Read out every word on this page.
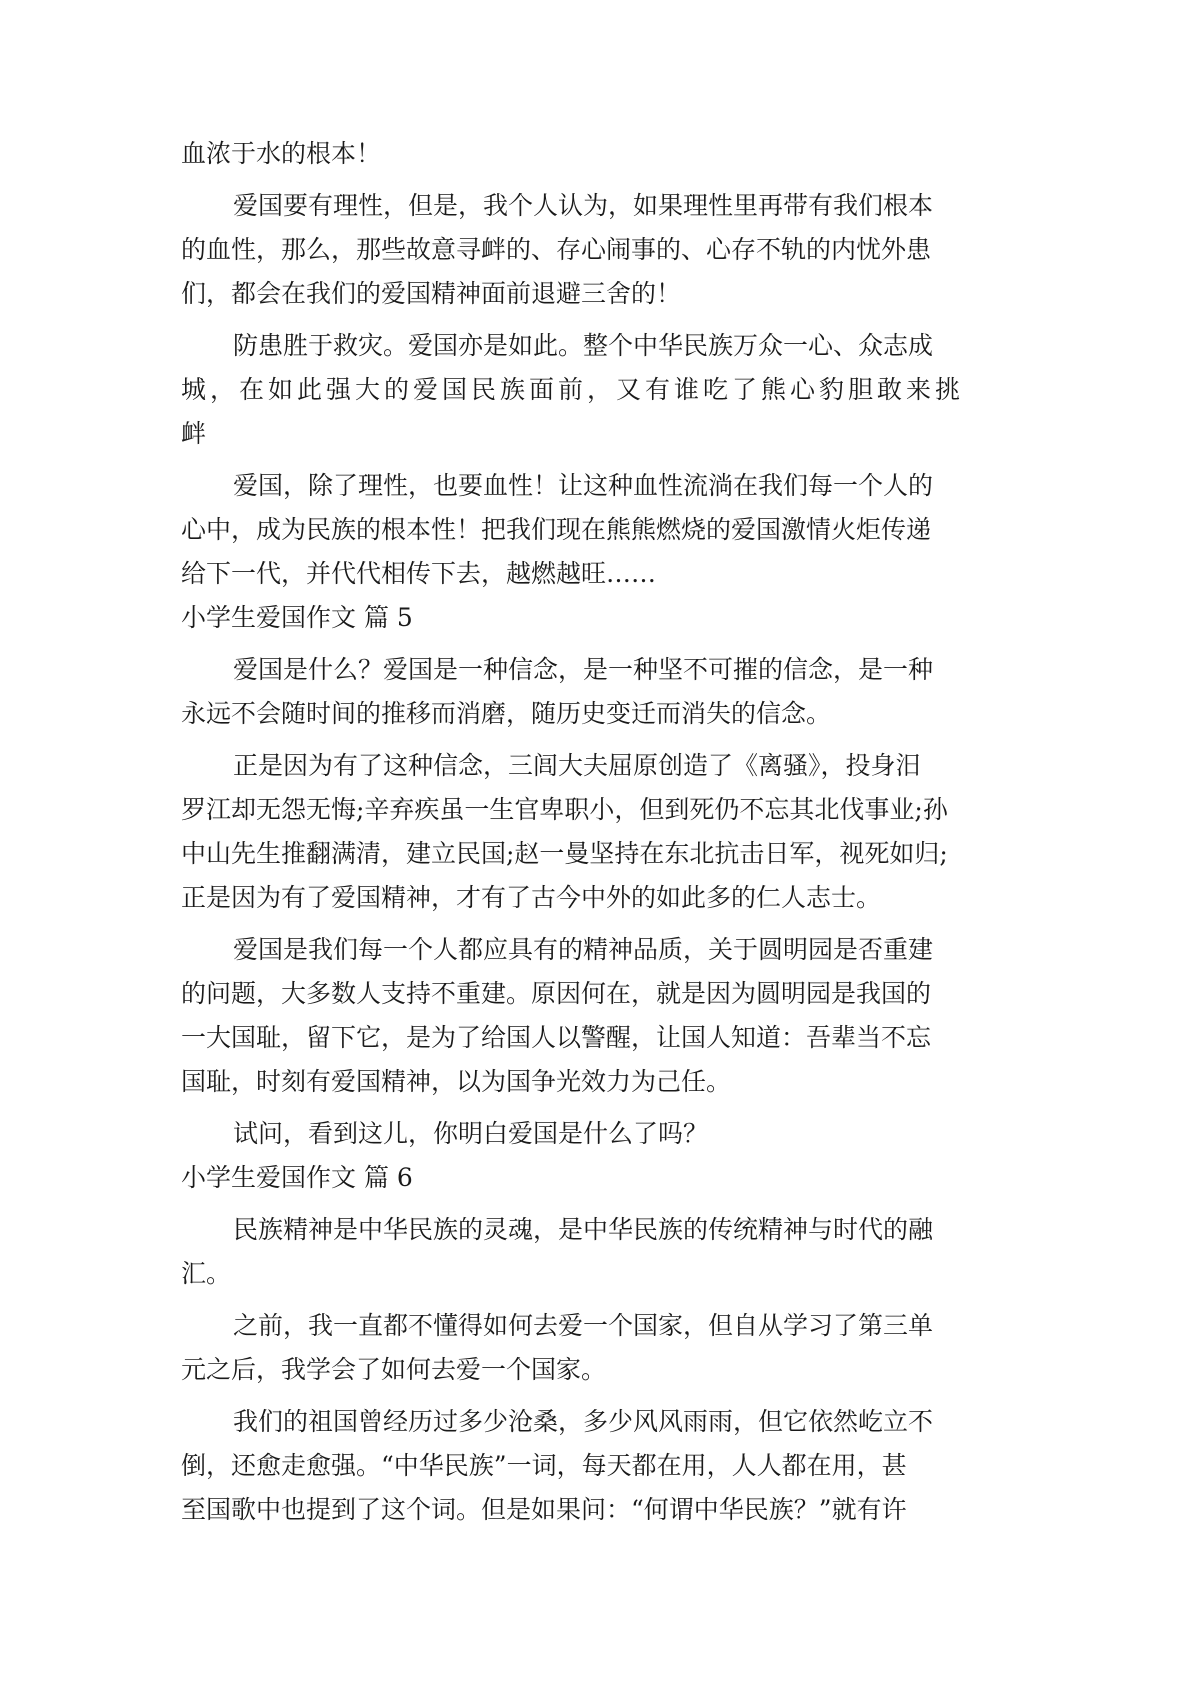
血浓于水的根本！
爱国要有理性，但是，我个人认为，如果理性里再带有我们根本
的血性，那么，那些故意寻衅的、存心闹事的、心存不轨的内忧外患
们，都会在我们的爱国精神面前退避三舍的！
防患胜于救灾。爱国亦是如此。整个中华民族万众一心、众志成
城，在如此强大的爱国民族面前，又有谁吃了熊心豹胆敢来挑
衅
爱国，除了理性，也要血性！让这种血性流淌在我们每一个人的
心中，成为民族的根本性！把我们现在熊熊燃烧的爱国激情火炬传递
给下一代，并代代相传下去，越燃越旺……
小学生爱国作文 篇 5
爱国是什么？爱国是一种信念，是一种坚不可摧的信念，是一种
永远不会随时间的推移而消磨，随历史变迁而消失的信念。
正是因为有了这种信念，三闾大夫屈原创造了《离骚》，投身汨
罗江却无怨无悔;辛弃疾虽一生官卑职小，但到死仍不忘其北伐事业;孙
中山先生推翻满清，建立民国;赵一曼坚持在东北抗击日军，视死如归;
正是因为有了爱国精神，才有了古今中外的如此多的仁人志士。
爱国是我们每一个人都应具有的精神品质，关于圆明园是否重建
的问题，大多数人支持不重建。原因何在，就是因为圆明园是我国的
一大国耻，留下它，是为了给国人以警醒，让国人知道：吾辈当不忘
国耻，时刻有爱国精神，以为国争光效力为己任。
试问，看到这儿，你明白爱国是什么了吗？
小学生爱国作文 篇 6
民族精神是中华民族的灵魂，是中华民族的传统精神与时代的融
汇。
之前，我一直都不懂得如何去爱一个国家，但自从学习了第三单
元之后，我学会了如何去爱一个国家。
我们的祖国曾经历过多少沧桑，多少风风雨雨，但它依然屹立不
倒，还愈走愈强。“中华民族”一词，每天都在用，人人都在用，甚
至国歌中也提到了这个词。但是如果问：“何谓中华民族？”就有许
